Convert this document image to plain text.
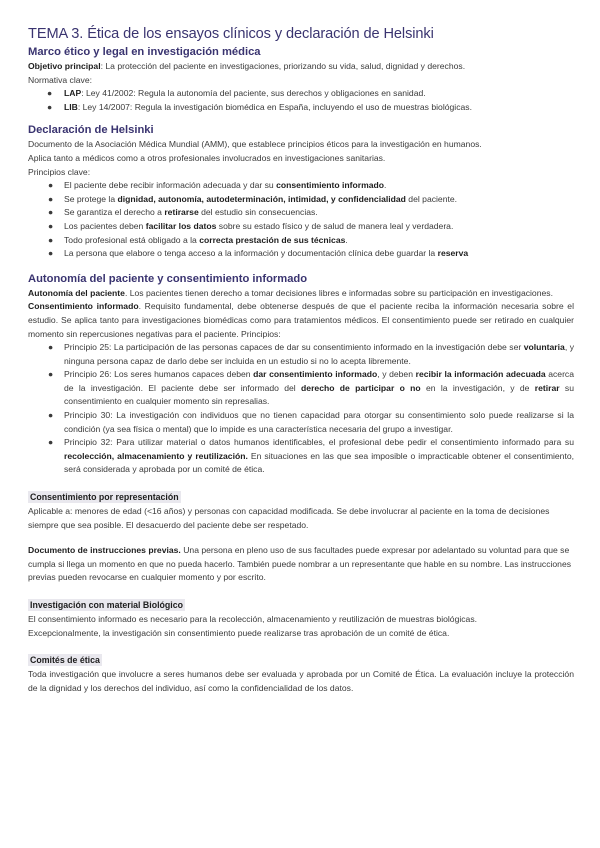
TEMA 3. Ética de los ensayos clínicos y declaración de Helsinki
Marco ético y legal en investigación médica

Objetivo principal: La protección del paciente en investigaciones, priorizando su vida, salud, dignidad y derechos.

Normativa clave:

● LAP: Ley 41/2002: Regula la autonomía del paciente, sus derechos y obligaciones en sanidad.
● LIB: Ley 14/2007: Regula la investigación biomédica en España, incluyendo el uso de muestras biológicas.
Declaración de Helsinki

Documento de la Asociación Médica Mundial (AMM), que establece principios éticos para la investigación en humanos.

Aplica tanto a médicos como a otros profesionales involucrados en investigaciones sanitarias.

Principios clave:

● El paciente debe recibir información adecuada y dar su consentimiento informado.
● Se protege la dignidad, autonomía, autodeterminación, intimidad, y confidencialidad del paciente.
● Se garantiza el derecho a retirarse del estudio sin consecuencias.
● Los pacientes deben facilitar los datos sobre su estado físico y de salud de manera leal y verdadera.
● Todo profesional está obligado a la correcta prestación de sus técnicas.
● La persona que elabore o tenga acceso a la información y documentación clínica debe guardar la reserva
Autonomía del paciente y consentimiento informado

Autonomía del paciente. Los pacientes tienen derecho a tomar decisiones libres e informadas sobre su participación en investigaciones.

Consentimiento informado. Requisito fundamental, debe obtenerse después de que el paciente reciba la información necesaria sobre el estudio. Se aplica tanto para investigaciones biomédicas como para tratamientos médicos. El consentimiento puede ser retirado en cualquier momento sin repercusiones negativas para el paciente. Principios:

● Principio 25: La participación de las personas capaces de dar su consentimiento informado en la investigación debe ser voluntaria, y ninguna persona capaz de darlo debe ser incluida en un estudio si no lo acepta libremente.
● Principio 26: Los seres humanos capaces deben dar consentimiento informado, y deben recibir la información adecuada acerca de la investigación. El paciente debe ser informado del derecho de participar o no en la investigación, y de retirar su consentimiento en cualquier momento sin represalias.
● Principio 30: La investigación con individuos que no tienen capacidad para otorgar su consentimiento solo puede realizarse si la condición (ya sea física o mental) que lo impide es una característica necesaria del grupo a investigar.
● Principio 32: Para utilizar material o datos humanos identificables, el profesional debe pedir el consentimiento informado para su recolección, almacenamiento y reutilización. En situaciones en las que sea imposible o impracticable obtener el consentimiento, será considerada y aprobada por un comité de ética.
Consentimiento por representación

Aplicable a: menores de edad (<16 años) y personas con capacidad modificada. Se debe involucrar al paciente en la toma de decisiones siempre que sea posible. El desacuerdo del paciente debe ser respetado.

Documento de instrucciones previas. Una persona en pleno uso de sus facultades puede expresar por adelantado su voluntad para que se cumpla si llega un momento en que no pueda hacerlo. También puede nombrar a un representante que hable en su nombre. Las instrucciones previas pueden revocarse en cualquier momento y por escrito.

Investigación con material Biológico

El consentimiento informado es necesario para la recolección, almacenamiento y reutilización de muestras biológicas.

Excepcionalmente, la investigación sin consentimiento puede realizarse tras aprobación de un comité de ética.

Comités de ética

Toda investigación que involucre a seres humanos debe ser evaluada y aprobada por un Comité de Ética. La evaluación incluye la protección de la dignidad y los derechos del individuo, así como la confidencialidad de los datos.
